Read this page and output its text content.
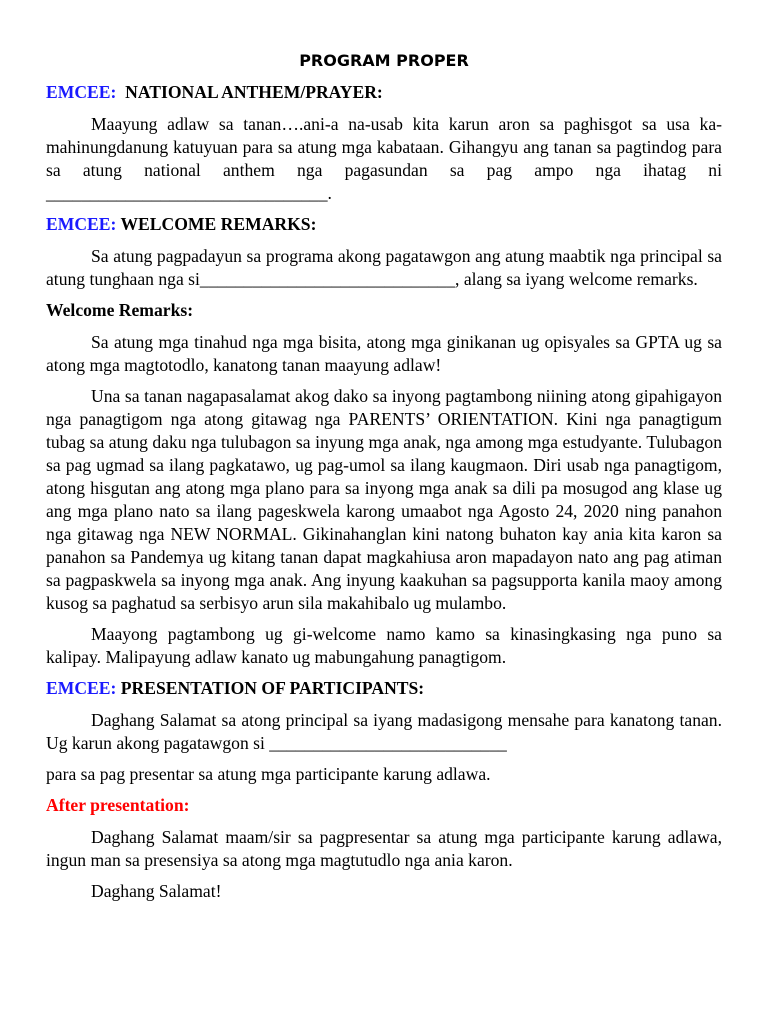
PROGRAM PROPER
EMCEE:  NATIONAL ANTHEM/PRAYER:

Maayung adlaw sa tanan….ani-a na-usab kita karun aron sa paghisgot sa usa ka-mahinungdanung katuyuan para sa atung mga kabataan. Gihangyu ang tanan sa pagtindog para sa atung national anthem nga pagasundan sa pag ampo nga ihatag ni ________________________________.

EMCEE: WELCOME REMARKS:

Sa atung pagpadayun sa programa akong pagatawgon ang atung maabtik nga principal sa atung tunghaan nga si_____________________________, alang sa iyang welcome remarks.

Welcome Remarks:

Sa atung mga tinahud nga mga bisita, atong mga ginikanan ug opisyales sa GPTA ug sa atong mga magtotodlo, kanatong tanan maayung adlaw!

Una sa tanan nagapasalamat akog dako sa inyong pagtambong niining atong gipahigayon nga panagtigom nga atong gitawag nga PARENTS’ ORIENTATION. Kini nga panagtigum tubag sa atung daku nga tulubagon sa inyung mga anak, nga among mga estudyante. Tulubagon sa pag ugmad sa ilang pagkatawo, ug pag-umol sa ilang kaugmaon. Diri usab nga panagtigom, atong hisgutan ang atong mga plano para sa inyong mga anak sa dili pa mosugod ang klase ug ang mga plano nato sa ilang pageskwela karong umaabot nga Agosto 24, 2020 ning panahon nga gitawag nga NEW NORMAL. Gikinahanglan kini natong buhaton kay ania kita karon sa panahon sa Pandemya ug kitang tanan dapat magkahiusa aron mapadayon nato ang pag atiman sa pagpaskwela sa inyong mga anak. Ang inyung kaakuhan sa pagsupporta kanila maoy among kusog sa paghatud sa serbisyo arun sila makahibalo ug mulambo.

Maayong pagtambong ug gi-welcome namo kamo sa kinasingkasing nga puno sa kalipay. Malipayung adlaw kanato ug mabungahung panagtigom.

EMCEE: PRESENTATION OF PARTICIPANTS:

Daghang Salamat sa atong principal sa iyang madasigong mensahe para kanatong tanan. Ug karun akong pagatawgon si ___________________________

para sa pag presentar sa atung mga participante karung adlawa.

After presentation:

Daghang Salamat maam/sir sa pagpresentar sa atung mga participante karung adlawa, ingun man sa presensiya sa atong mga magtutudlo nga ania karon.

Daghang Salamat!
